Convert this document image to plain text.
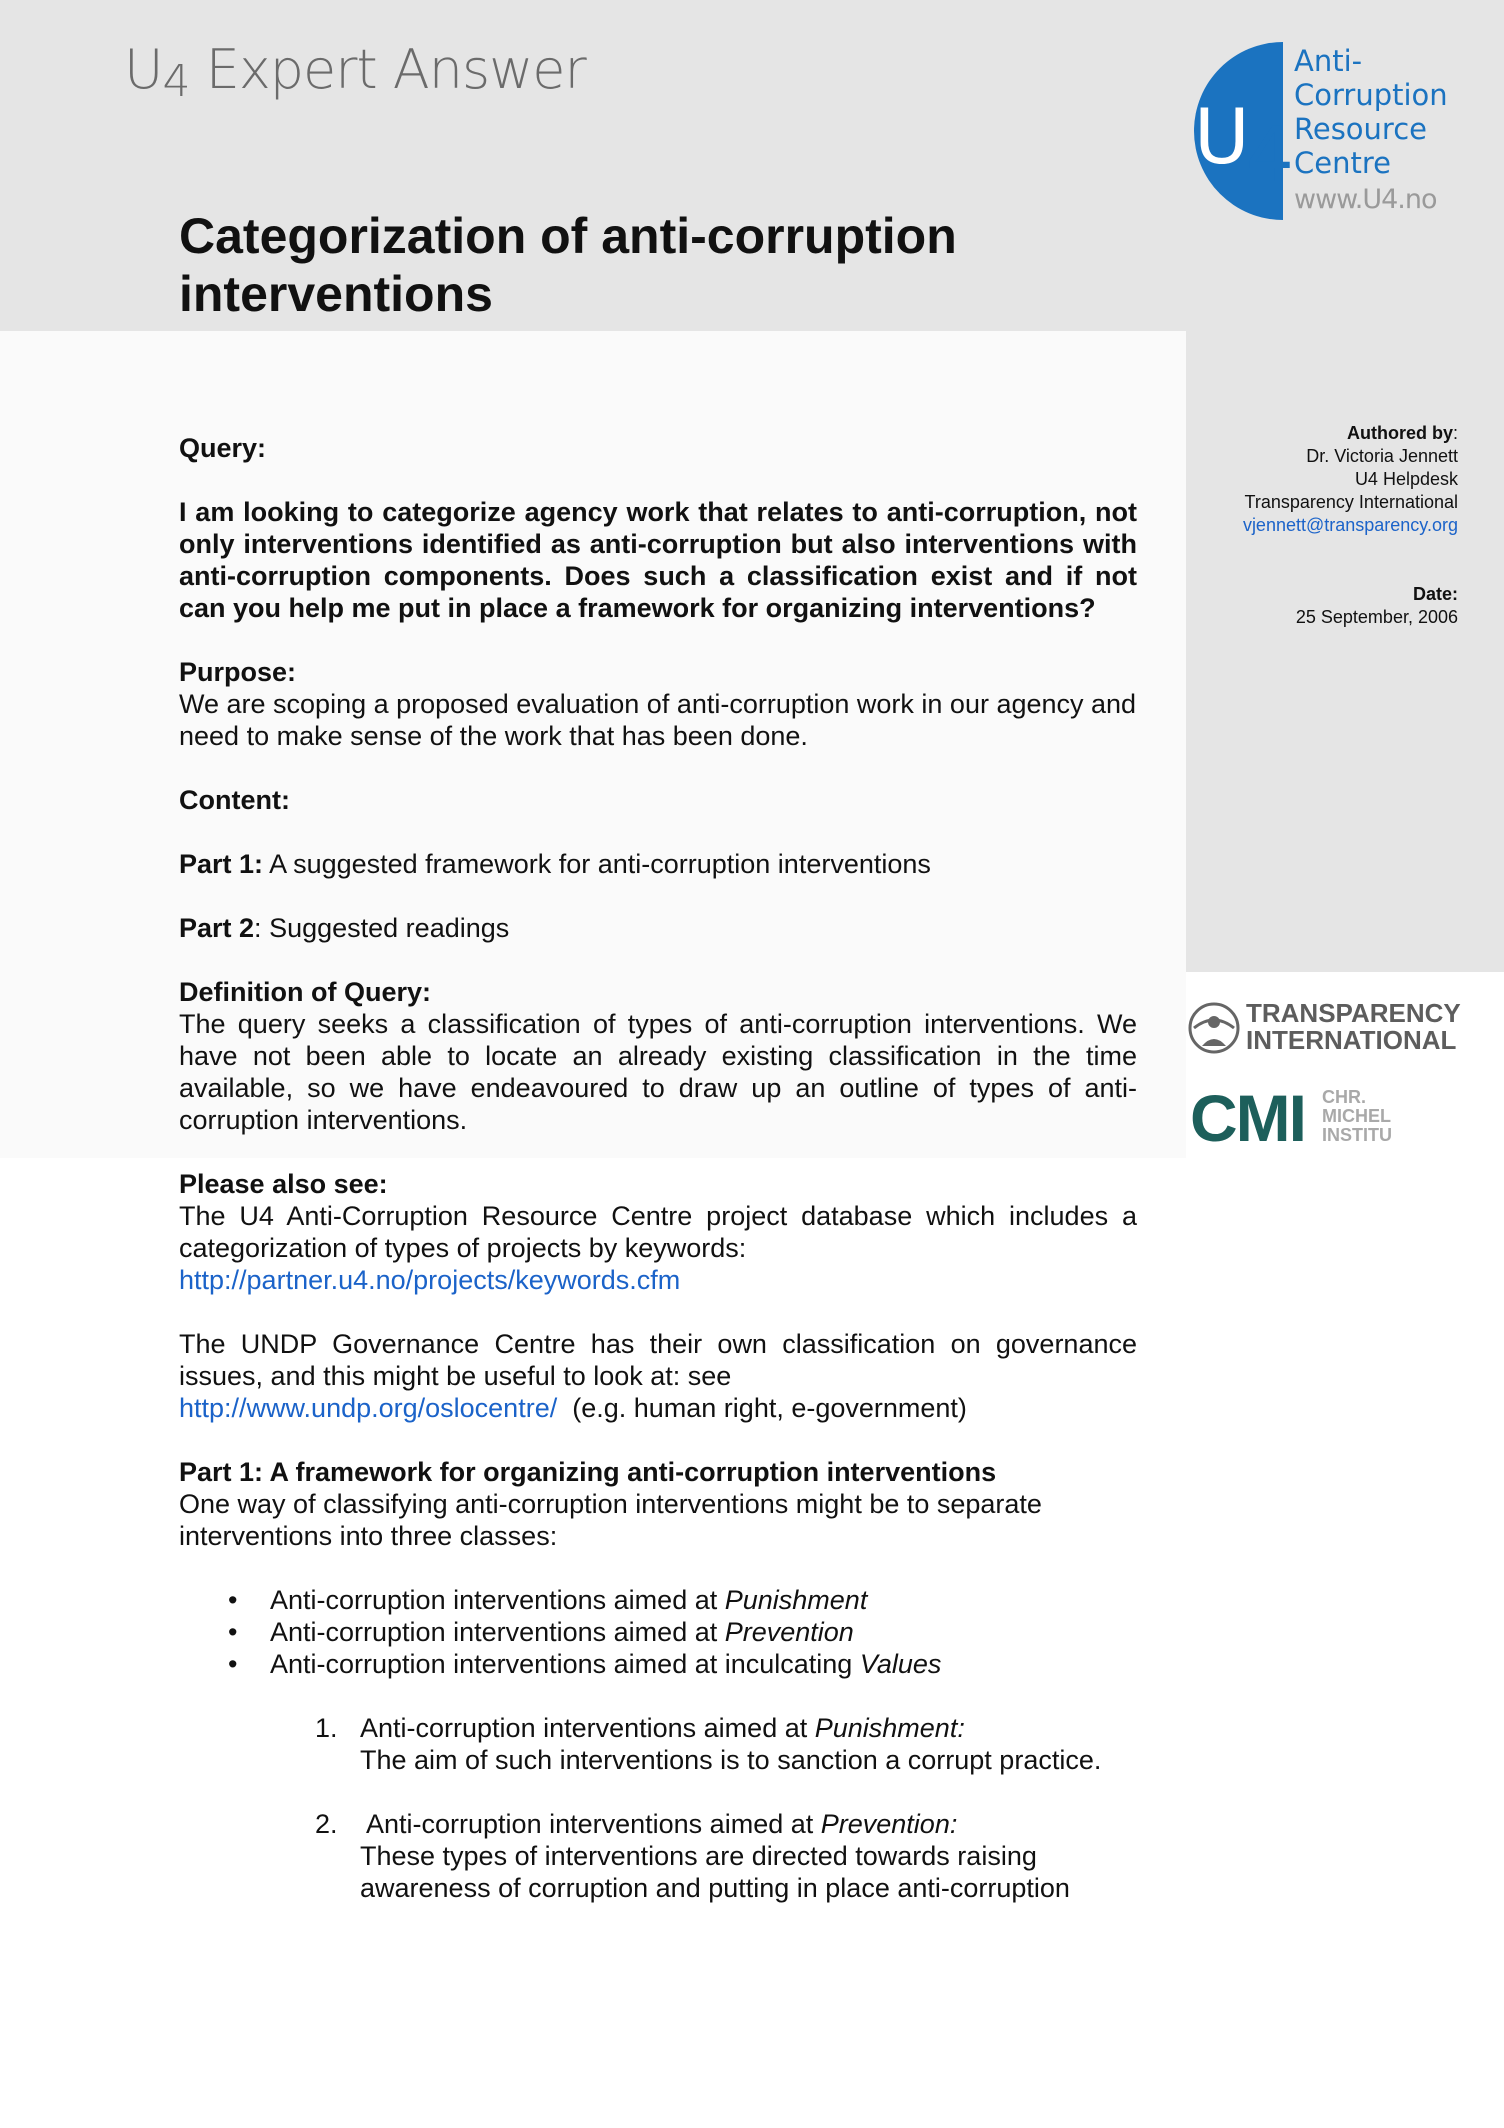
U4 Expert Answer
U4
Anti-
Corruption
Resource
Centre
www.U4.no
Categorization of anti-corruption
interventions
Authored by:
Dr. Victoria Jennett
U4 Helpdesk
Transparency International
vjennett@transparency.org
Date:
25 September, 2006
TRANSPARENCY
INTERNATIONAL
CMI CHR.
MICHEL
INSTITU

Query:

I am looking to categorize agency work that relates to anti-corruption, not only interventions identified as anti-corruption but also interventions with anti-corruption components. Does such a classification exist and if not can you help me put in place a framework for organizing interventions?

Purpose:

We are scoping a proposed evaluation of anti-corruption work in our agency and need to make sense of the work that has been done.

Content:

Part 1: A suggested framework for anti-corruption interventions

Part 2: Suggested readings

Definition of Query:

The query seeks a classification of types of anti-corruption interventions. We have not been able to locate an already existing classification in the time available, so we have endeavoured to draw up an outline of types of anti-corruption interventions.

Please also see:

The U4 Anti-Corruption Resource Centre project database which includes a categorization of types of projects by keywords:

http://partner.u4.no/projects/keywords.cfm

The UNDP Governance Centre has their own classification on governance issues, and this might be useful to look at: see

http://www.undp.org/oslocentre/  (e.g. human right, e-government)

Part 1: A framework for organizing anti-corruption interventions

One way of classifying anti-corruption interventions might be to separate interventions into three classes:

• Anti-corruption interventions aimed at Punishment
• Anti-corruption interventions aimed at Prevention
• Anti-corruption interventions aimed at inculcating Values
1. Anti-corruption interventions aimed at Punishment:
The aim of such interventions is to sanction a corrupt practice.
2. Anti-corruption interventions aimed at Prevention:
These types of interventions are directed towards raising awareness of corruption and putting in place anti-corruption
